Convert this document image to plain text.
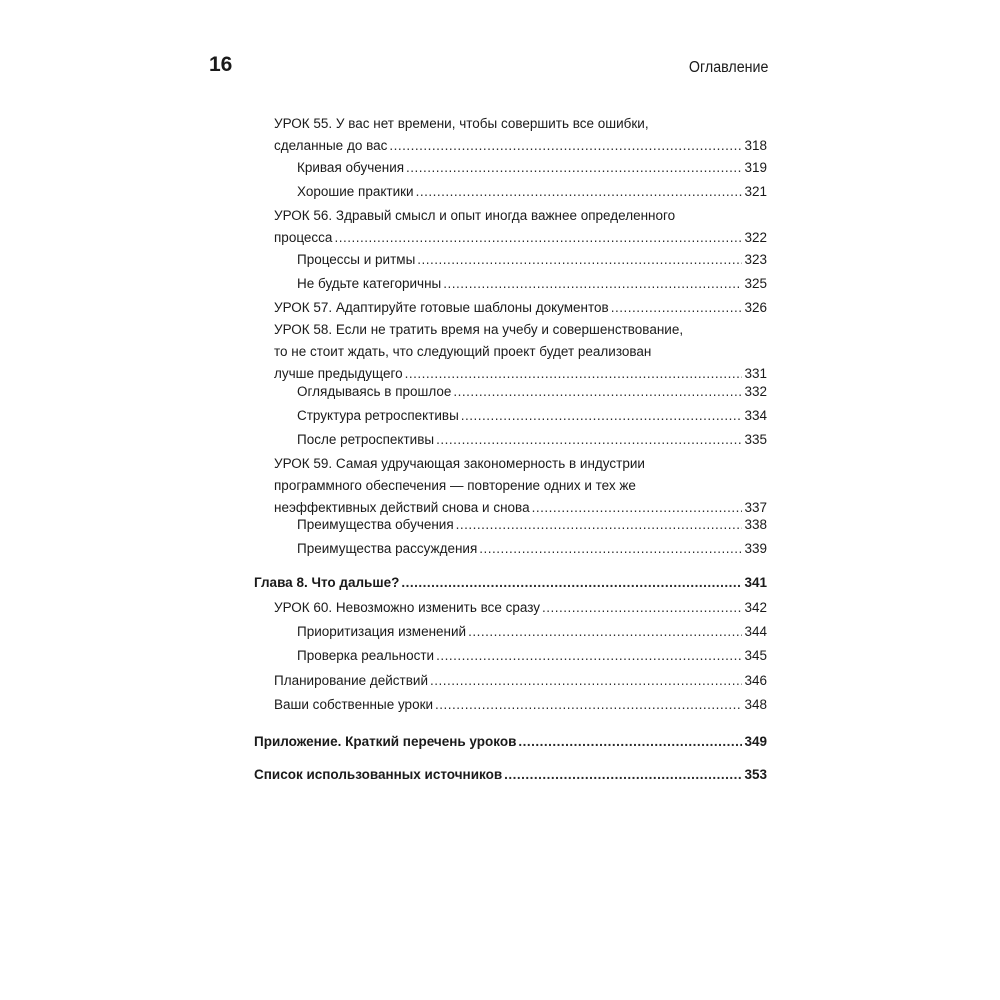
16	Оглавление
УРОК 55. У вас нет времени, чтобы совершить все ошибки,
сделанные до вас .....	318
Кривая обучения .....	319
Хорошие практики .....	321
УРОК 56. Здравый смысл и опыт иногда важнее определенного
процесса .....	322
Процессы и ритмы .....	323
Не будьте категоричны .....	325
УРОК 57. Адаптируйте готовые шаблоны документов .....	326
УРОК 58. Если не тратить время на учебу и совершенствование,
то не стоит ждать, что следующий проект будет реализован
лучше предыдущего .....	331
Оглядываясь в прошлое .....	332
Структура ретроспективы .....	334
После ретроспективы .....	335
УРОК 59. Самая удручающая закономерность в индустрии
программного обеспечения — повторение одних и тех же
неэффективных действий снова и снова .....	337
Преимущества обучения .....	338
Преимущества рассуждения .....	339
Глава 8. Что дальше? .....	341
УРОК 60. Невозможно изменить все сразу .....	342
Приоритизация изменений .....	344
Проверка реальности .....	345
Планирование действий .....	346
Ваши собственные уроки .....	348
Приложение. Краткий перечень уроков .....	349
Список использованных источников .....	353
